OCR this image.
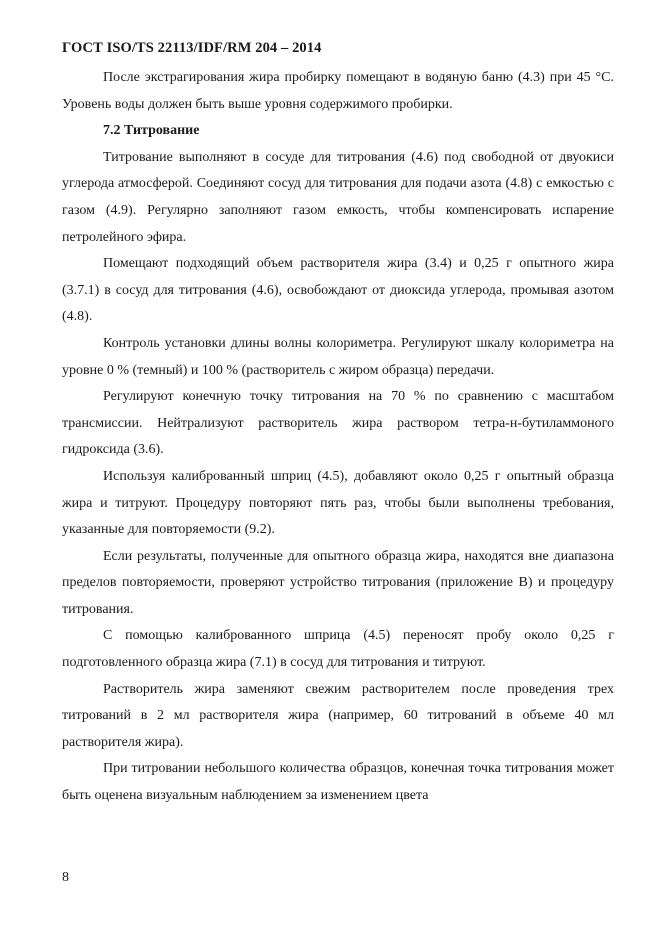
ГОСТ ISO/TS 22113/IDF/RM 204 – 2014

После экстрагирования жира пробирку помещают в водяную баню (4.3) при 45 °С. Уровень воды должен быть выше уровня содержимого пробирки.

7.2 Титрование

Титрование выполняют в сосуде для титрования (4.6) под свободной от двуокиси углерода атмосферой. Соединяют сосуд для титрования для подачи азота (4.8) с емкостью с газом (4.9). Регулярно заполняют газом емкость, чтобы компенсировать испарение петролейного эфира.

Помещают подходящий объем растворителя жира (3.4) и 0,25 г опытного жира (3.7.1) в сосуд для титрования (4.6), освобождают от диоксида углерода, промывая азотом (4.8).

Контроль установки длины волны колориметра. Регулируют шкалу колориметра на уровне 0 % (темный) и 100 % (растворитель с жиром образца) передачи.

Регулируют конечную точку титрования на 70 % по сравнению с масштабом трансмиссии. Нейтрализуют растворитель жира раствором тетра-н-бутиламмоного гидроксида (3.6).

Используя калиброванный шприц (4.5), добавляют около 0,25 г опытный образца жира и титруют. Процедуру повторяют пять раз, чтобы были выполнены требования, указанные для повторяемости (9.2).

Если результаты, полученные для опытного образца жира, находятся вне диапазона пределов повторяемости, проверяют устройство титрования (приложение В) и процедуру титрования.

С помощью калиброванного шприца (4.5) переносят пробу около 0,25 г подготовленного образца жира (7.1) в сосуд для титрования и титруют.

Растворитель жира заменяют свежим растворителем после проведения трех титрований в 2 мл растворителя жира (например, 60 титрований в объеме 40 мл растворителя жира).

При титровании небольшого количества образцов, конечная точка титрования может быть оценена визуальным наблюдением за изменением цвета

8
